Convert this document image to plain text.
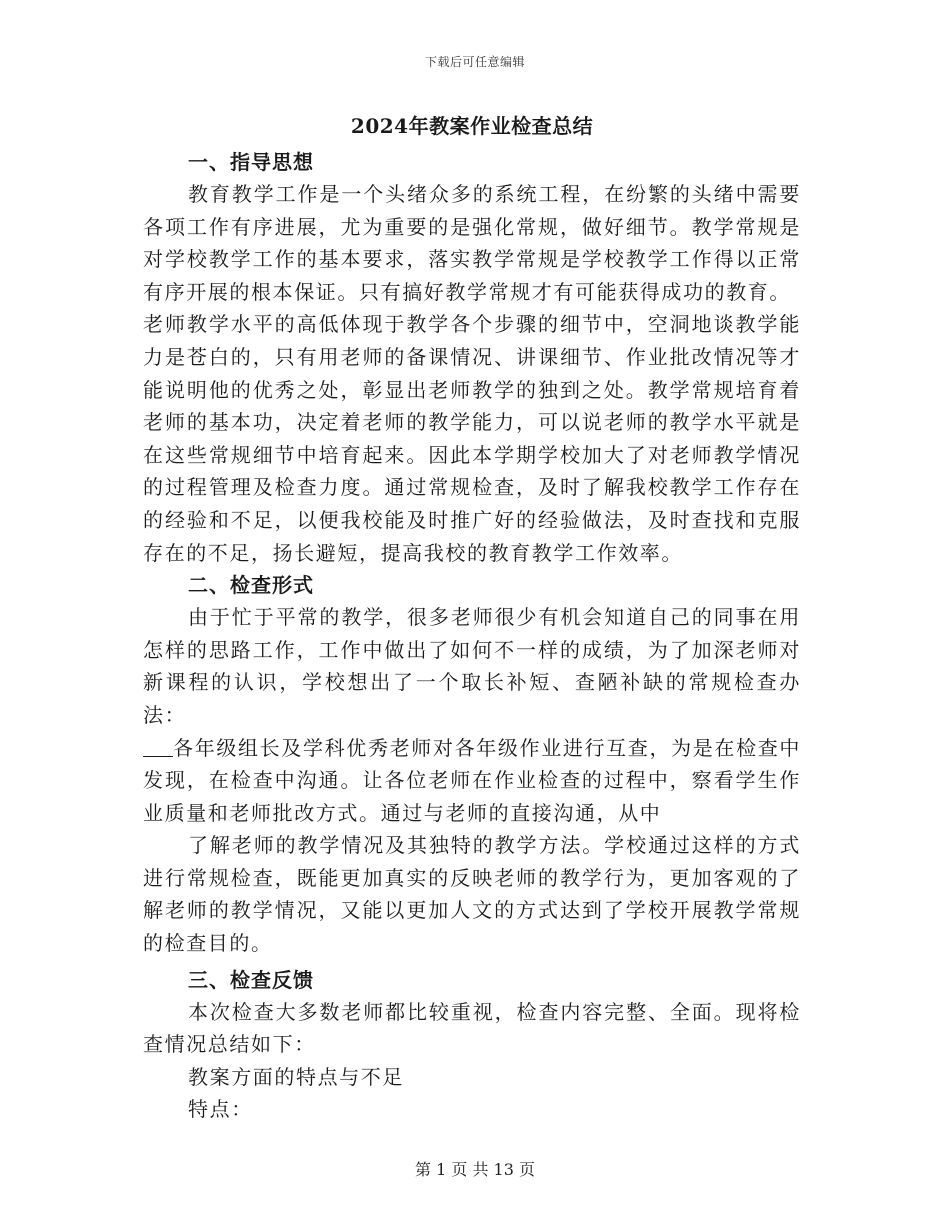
下载后可任意编辑
2024年教案作业检查总结
一、指导思想

教育教学工作是一个头绪众多的系统工程，在纷繁的头绪中需要各项工作有序进展，尤为重要的是强化常规，做好细节。教学常规是对学校教学工作的基本要求，落实教学常规是学校教学工作得以正常有序开展的根本保证。只有搞好教学常规才有可能获得成功的教育。

老师教学水平的高低体现于教学各个步骤的细节中，空洞地谈教学能力是苍白的，只有用老师的备课情况、讲课细节、作业批改情况等才能说明他的优秀之处，彰显出老师教学的独到之处。教学常规培育着老师的基本功，决定着老师的教学能力，可以说老师的教学水平就是在这些常规细节中培育起来。因此本学期学校加大了对老师教学情况的过程管理及检查力度。通过常规检查，及时了解我校教学工作存在的经验和不足，以便我校能及时推广好的经验做法，及时查找和克服存在的不足，扬长避短，提高我校的教育教学工作效率。

二、检查形式

由于忙于平常的教学，很多老师很少有机会知道自己的同事在用怎样的思路工作，工作中做出了如何不一样的成绩，为了加深老师对新课程的认识，学校想出了一个取长补短、查陋补缺的常规检查办法：

各年级组长及学科优秀老师对各年级作业进行互查，为是在检查中发现，在检查中沟通。让各位老师在作业检查的过程中，察看学生作业质量和老师批改方式。通过与老师的直接沟通，从中

了解老师的教学情况及其独特的教学方法。学校通过这样的方式进行常规检查，既能更加真实的反映老师的教学行为，更加客观的了解老师的教学情况，又能以更加人文的方式达到了学校开展教学常规的检查目的。

三、检查反馈

本次检查大多数老师都比较重视，检查内容完整、全面。现将检查情况总结如下：

教案方面的特点与不足

特点：

第 1 页 共 13 页
